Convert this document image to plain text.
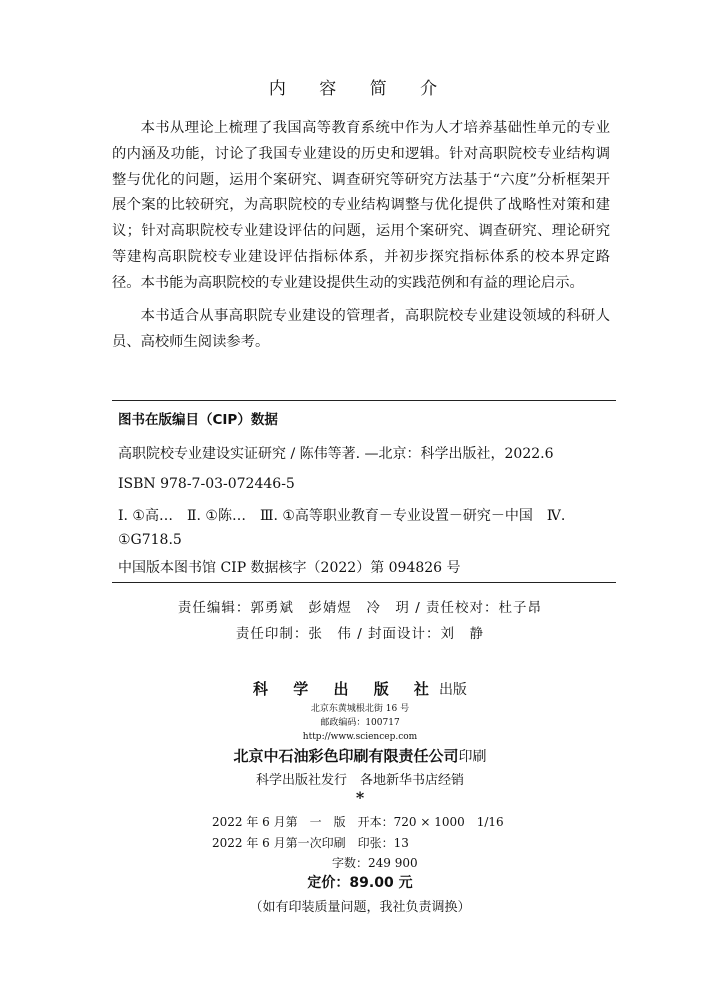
内 容 简 介

本书从理论上梳理了我国高等教育系统中作为人才培养基础性单元的专业的内涵及功能，讨论了我国专业建设的历史和逻辑。针对高职院校专业结构调整与优化的问题，运用个案研究、调查研究等研究方法基于“六度”分析框架开展个案的比较研究，为高职院校的专业结构调整与优化提供了战略性对策和建议；针对高职院校专业建设评估的问题，运用个案研究、调查研究、理论研究等建构高职院校专业建设评估指标体系，并初步探究指标体系的校本界定路径。本书能为高职院校的专业建设提供生动的实践范例和有益的理论启示。

本书适合从事高职院专业建设的管理者，高职院校专业建设领域的科研人员、高校师生阅读参考。

图书在版编目（CIP）数据
高职院校专业建设实证研究 / 陈伟等著. —北京：科学出版社，2022.6
ISBN 978-7-03-072446-5
Ⅰ. ①高…　Ⅱ. ①陈…　Ⅲ. ①高等职业教育－专业设置－研究－中国　Ⅳ. ①G718.5
中国版本图书馆 CIP 数据核字（2022）第 094826 号
责任编辑：郭勇斌　彭婧煜　冷　玥 / 责任校对：杜子昂
责任印制：张　伟 / 封面设计：刘　静
科 学 出 版 社出版
北京东黄城根北街 16 号
邮政编码：100717
http://www.sciencep.com
北京中石油彩色印刷有限责任公司印刷
科学出版社发行　各地新华书店经销
*
2022 年 6 月第　一　版　开本：720 × 1000　1/16
2022 年 6 月第一次印刷　印张：13
字数：249 900
定价：89.00 元
（如有印装质量问题，我社负责调换）
